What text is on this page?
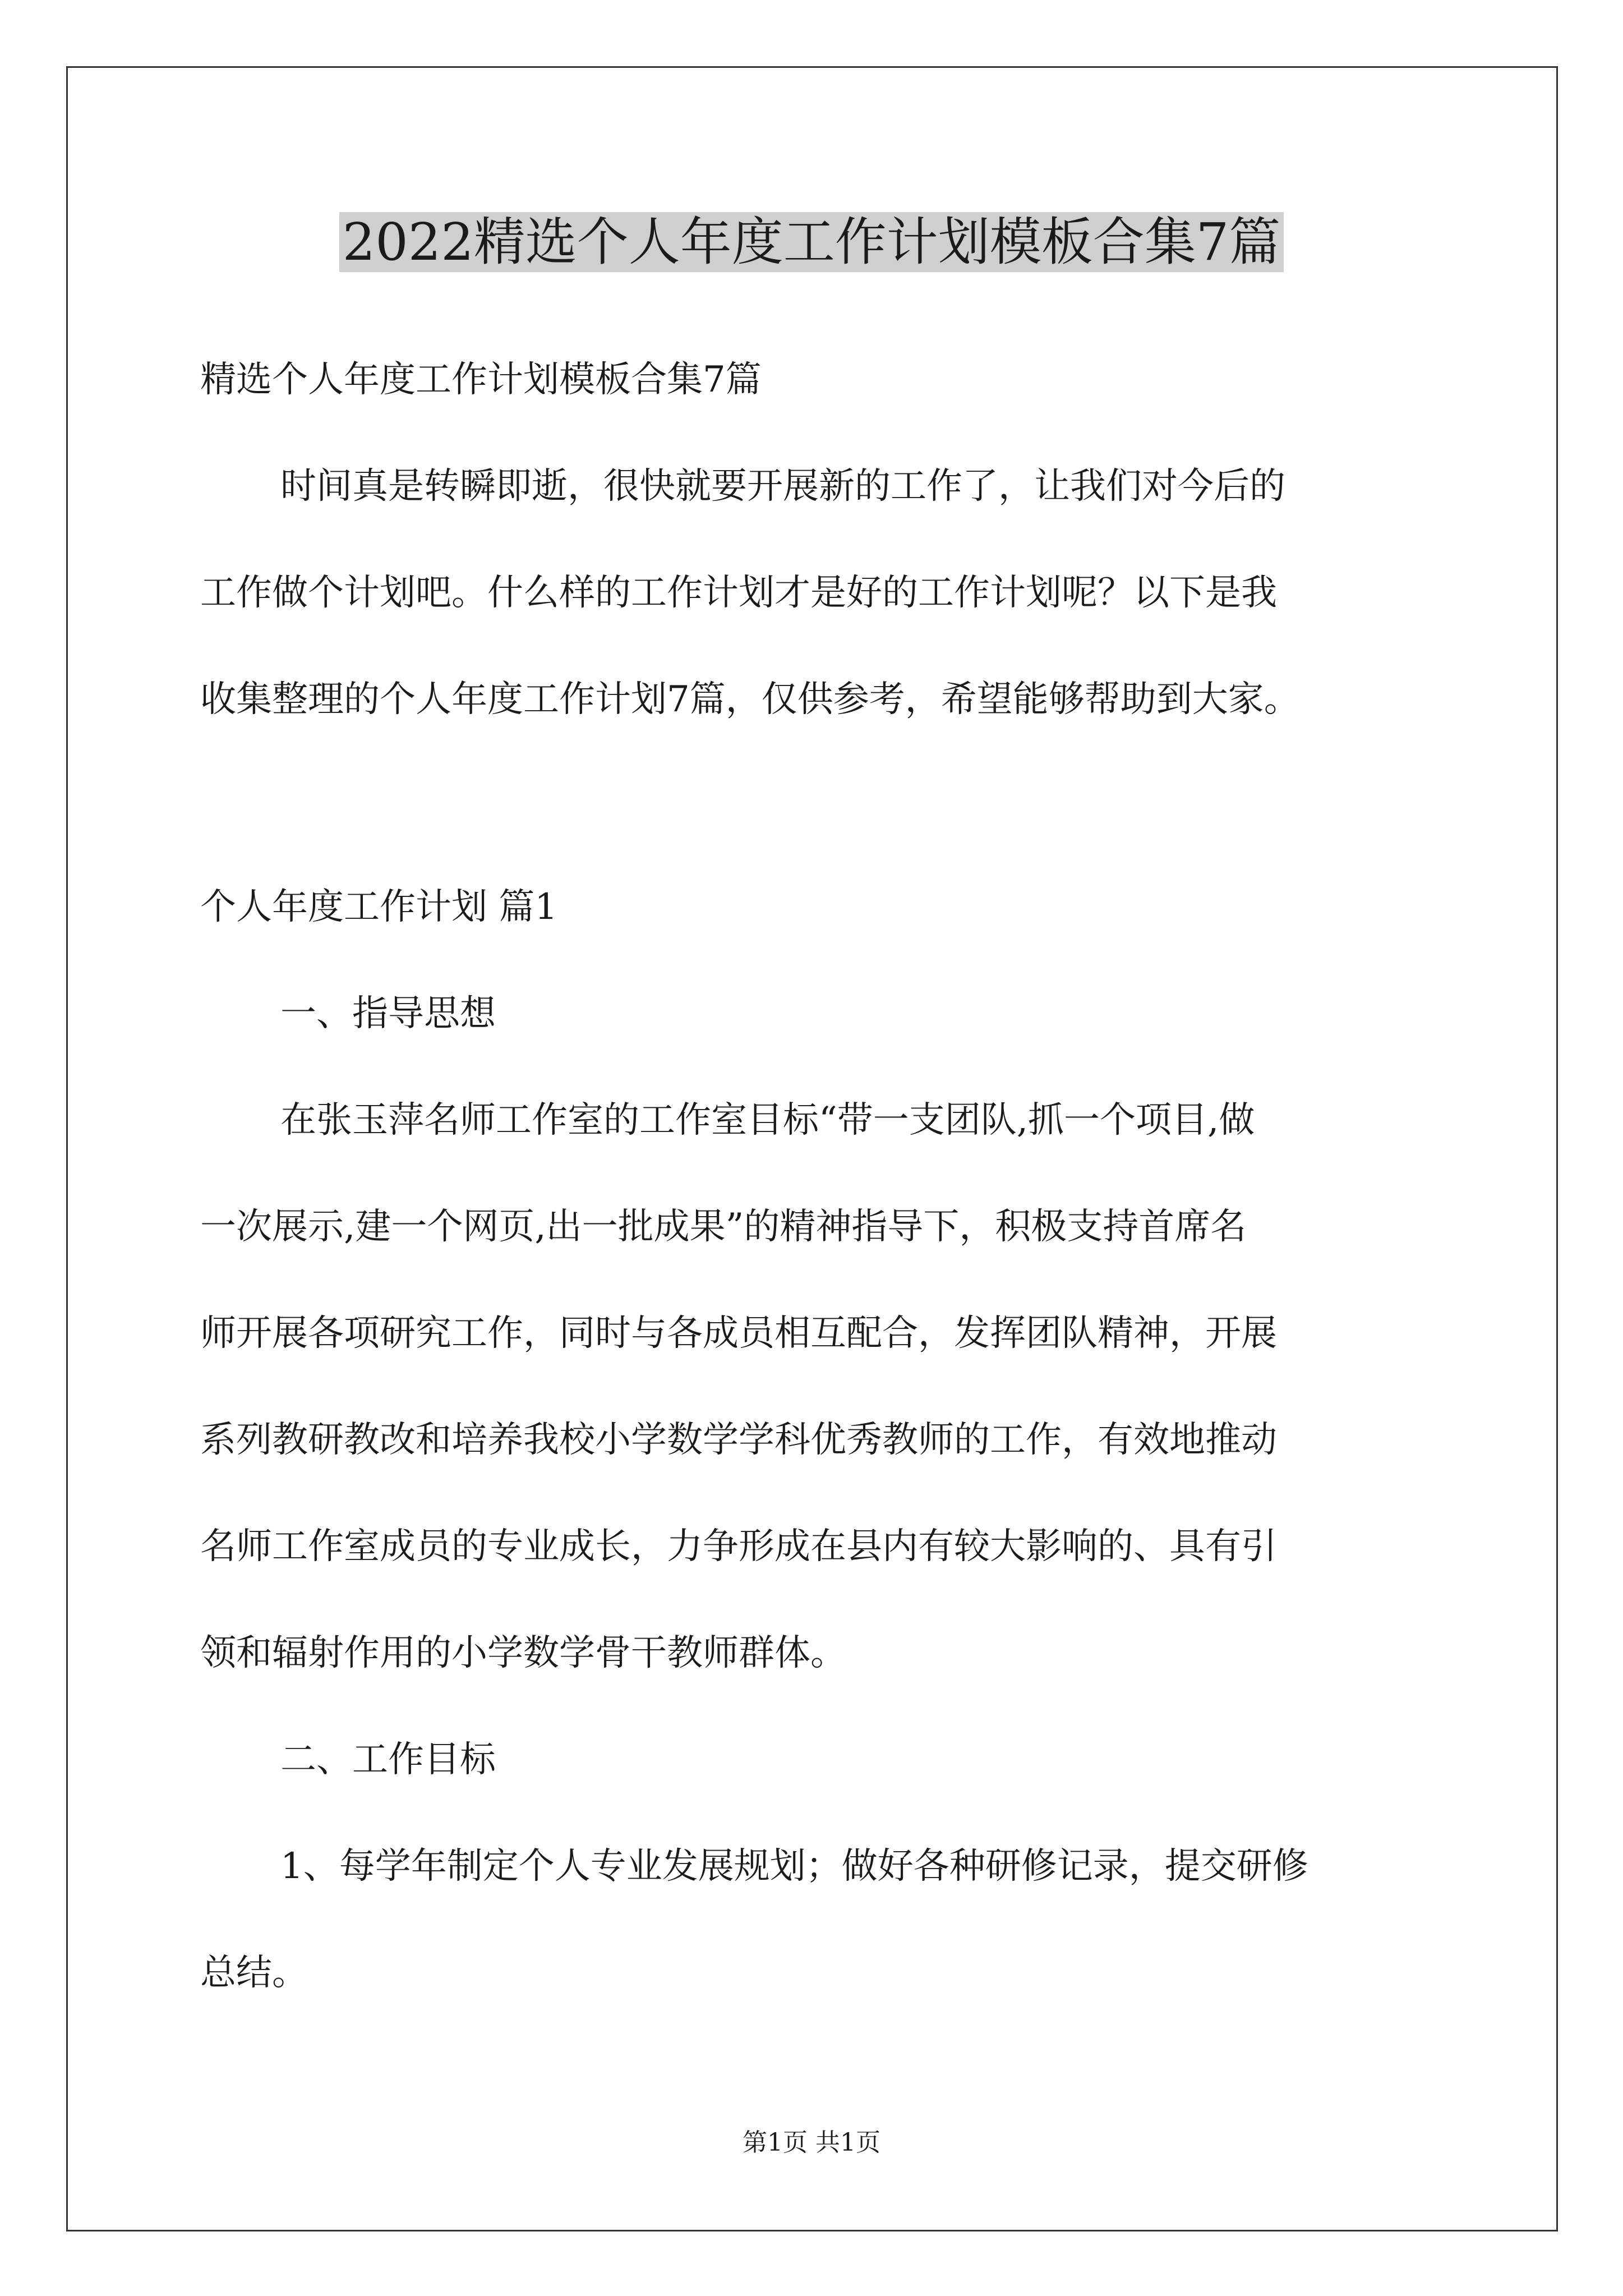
2022精选个人年度工作计划模板合集7篇

精选个人年度工作计划模板合集7篇

时间真是转瞬即逝，很快就要开展新的工作了，让我们对今后的

工作做个计划吧。什么样的工作计划才是好的工作计划呢？以下是我

收集整理的个人年度工作计划7篇，仅供参考，希望能够帮助到大家。

个人年度工作计划 篇1

一、指导思想

在张玉萍名师工作室的工作室目标“带一支团队,抓一个项目,做

一次展示,建一个网页,出一批成果”的精神指导下，积极支持首席名

师开展各项研究工作，同时与各成员相互配合，发挥团队精神，开展

系列教研教改和培养我校小学数学学科优秀教师的工作，有效地推动

名师工作室成员的专业成长，力争形成在县内有较大影响的、具有引

领和辐射作用的小学数学骨干教师群体。

二、工作目标

1、每学年制定个人专业发展规划；做好各种研修记录，提交研修

总结。

第1页 共1页
